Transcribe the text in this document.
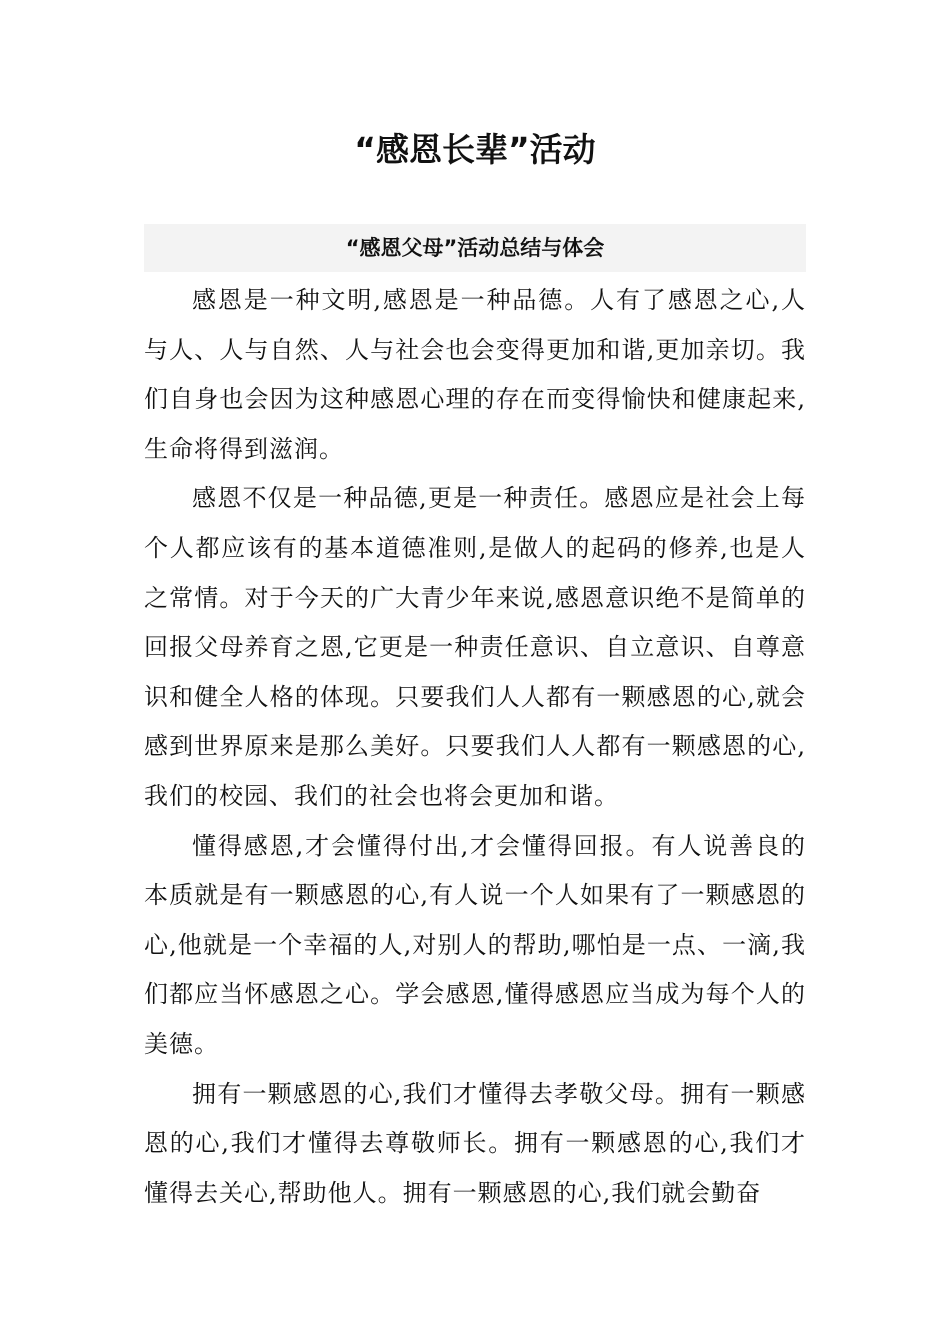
“感恩长辈”活动
“感恩父母”活动总结与体会

感恩是一种文明,感恩是一种品德。人有了感恩之心,人与人、人与自然、人与社会也会变得更加和谐,更加亲切。我们自身也会因为这种感恩心理的存在而变得愉快和健康起来,生命将得到滋润。

感恩不仅是一种品德,更是一种责任。感恩应是社会上每个人都应该有的基本道德准则,是做人的起码的修养,也是人之常情。对于今天的广大青少年来说,感恩意识绝不是简单的回报父母养育之恩,它更是一种责任意识、自立意识、自尊意识和健全人格的体现。只要我们人人都有一颗感恩的心,就会感到世界原来是那么美好。只要我们人人都有一颗感恩的心,我们的校园、我们的社会也将会更加和谐。

懂得感恩,才会懂得付出,才会懂得回报。有人说善良的本质就是有一颗感恩的心,有人说一个人如果有了一颗感恩的心,他就是一个幸福的人,对别人的帮助,哪怕是一点、一滴,我们都应当怀感恩之心。学会感恩,懂得感恩应当成为每个人的美德。

拥有一颗感恩的心,我们才懂得去孝敬父母。拥有一颗感恩的心,我们才懂得去尊敬师长。拥有一颗感恩的心,我们才懂得去关心,帮助他人。拥有一颗感恩的心,我们就会勤奋
